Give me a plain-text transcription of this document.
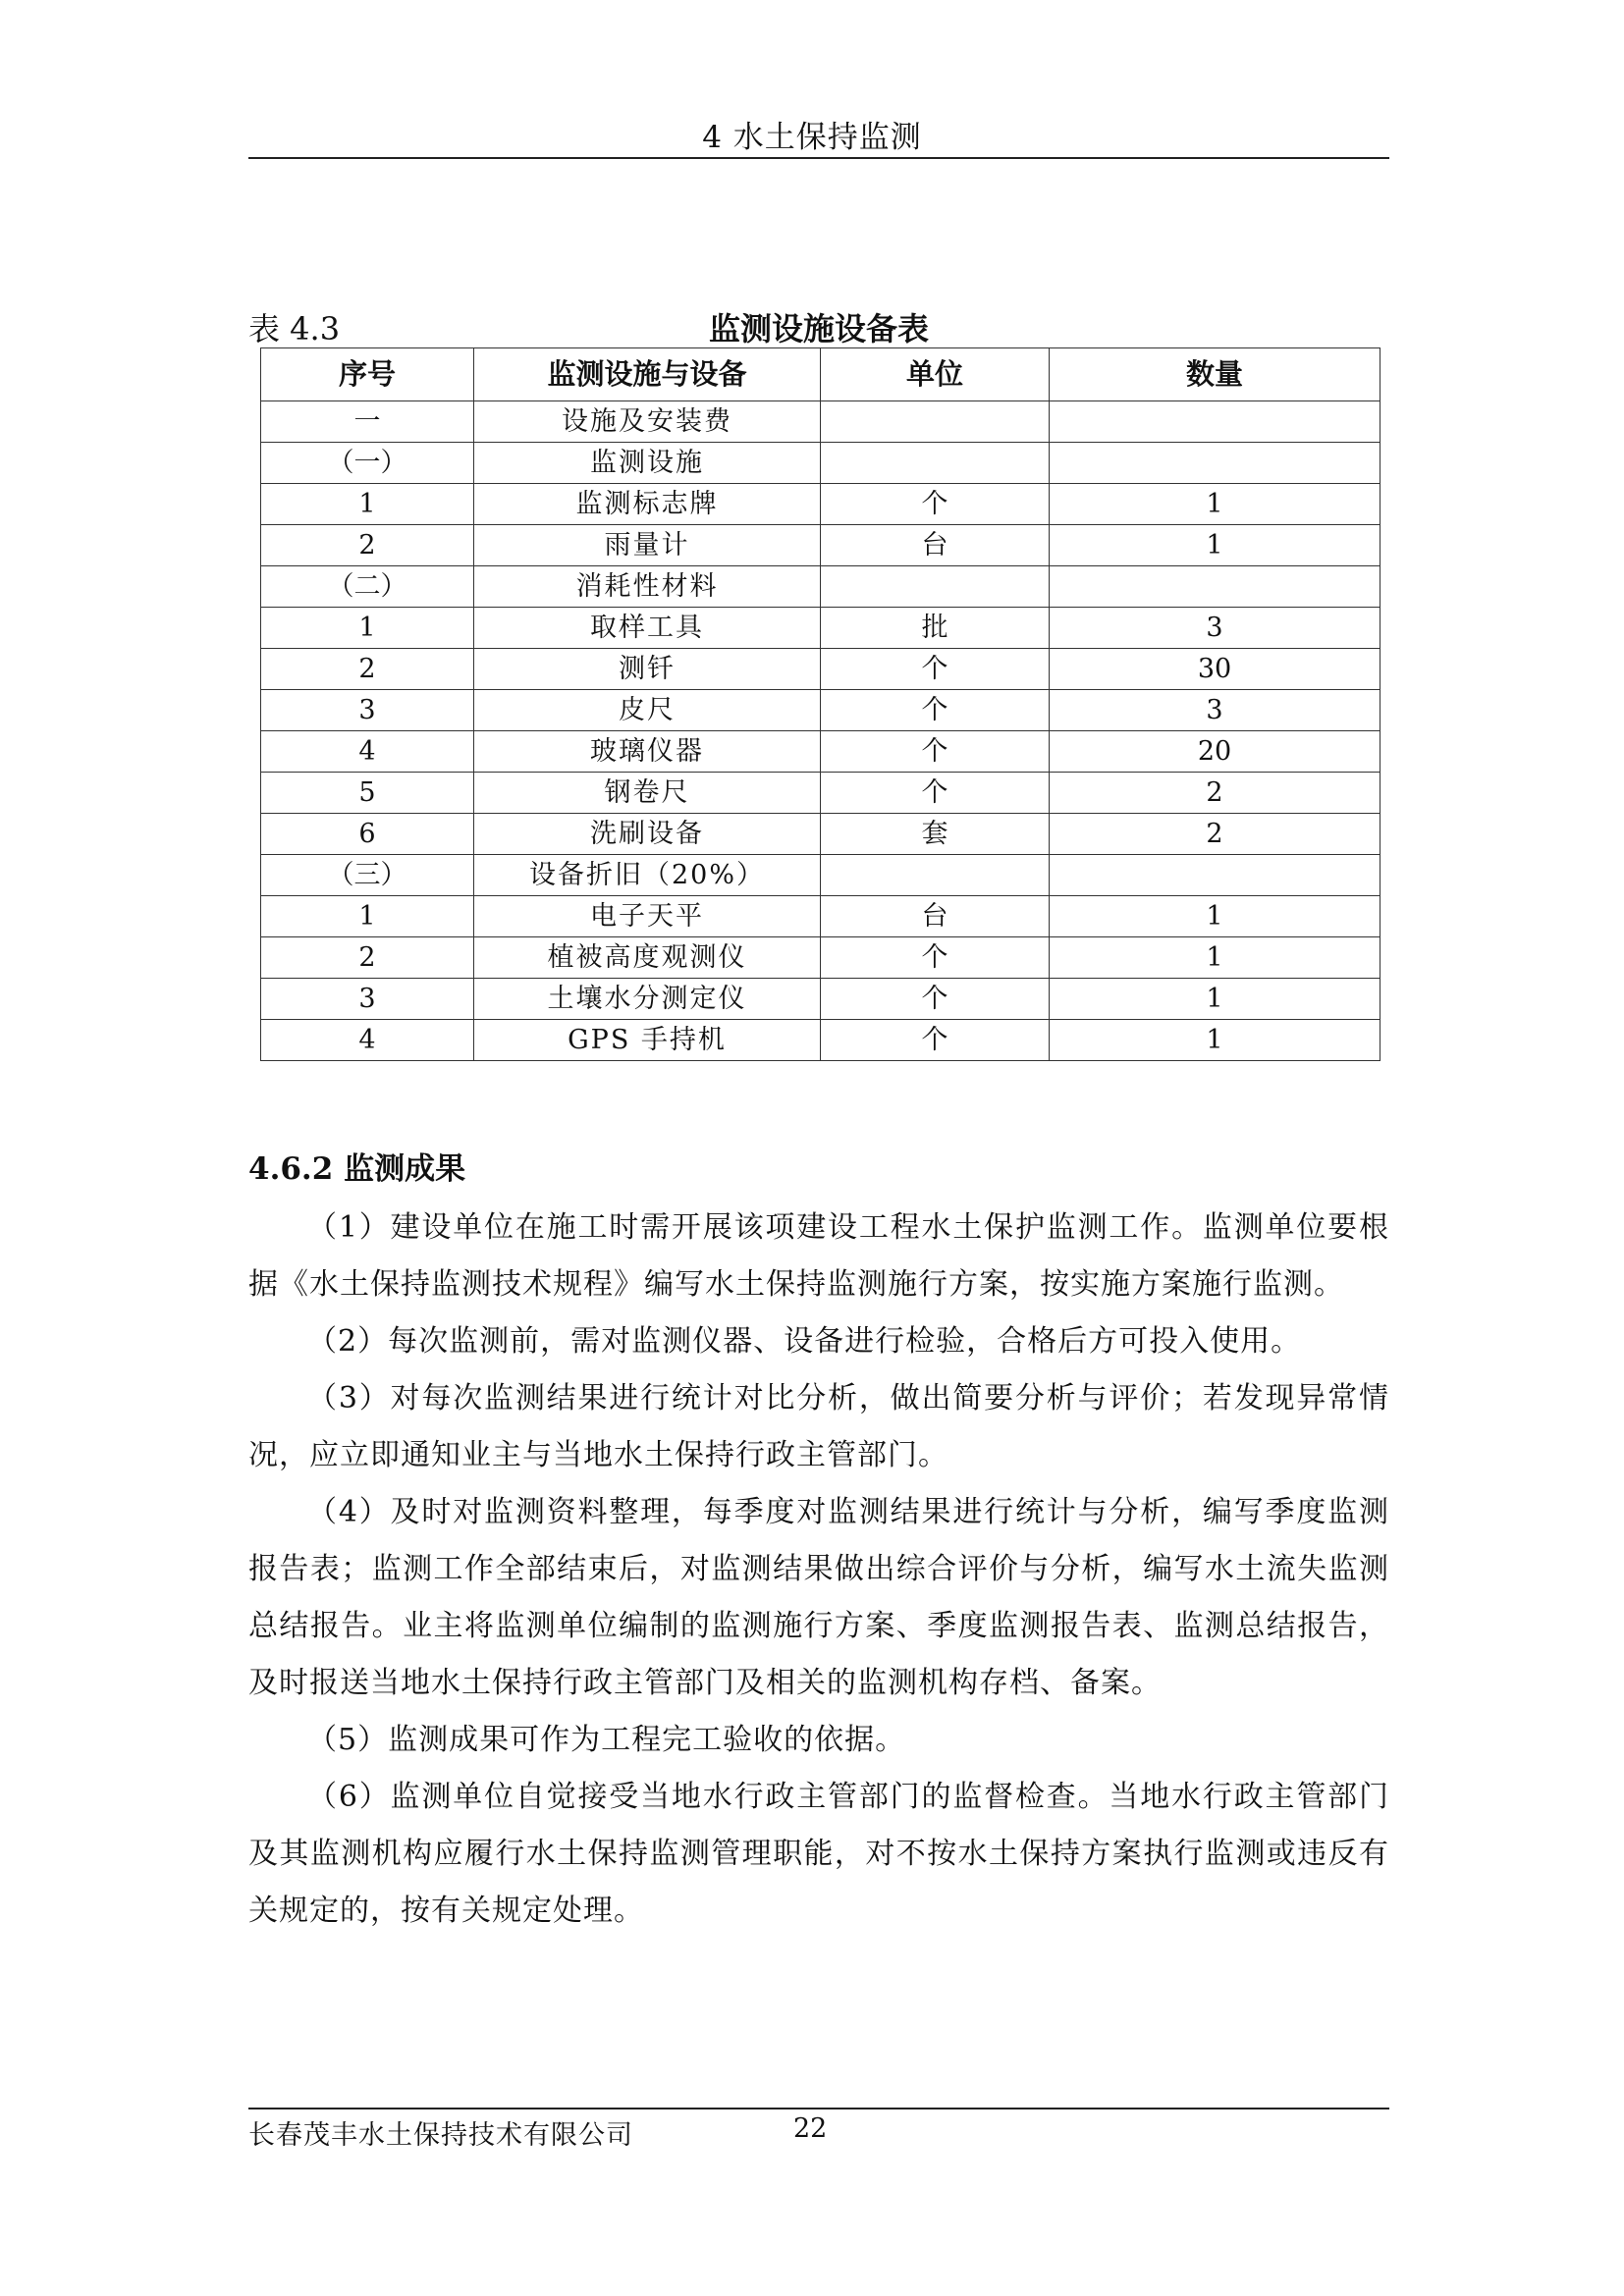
4 水土保持监测
监测设施设备表
表 4.3
序号	监测设施与设备	单位	数量
一	设施及安装费		
（一）	监测设施		
1	监测标志牌	个	1
2	雨量计	台	1
（二）	消耗性材料		
1	取样工具	批	3
2	测钎	个	30
3	皮尺	个	3
4	玻璃仪器	个	20
5	钢卷尺	个	2
6	洗刷设备	套	2
（三）	设备折旧（20%）		
1	电子天平	台	1
2	植被高度观测仪	个	1
3	土壤水分测定仪	个	1
4	GPS 手持机	个	1
4.6.2 监测成果

（1）建设单位在施工时需开展该项建设工程水土保护监测工作。监测单位要根据《水土保持监测技术规程》编写水土保持监测施行方案，按实施方案施行监测。

（2）每次监测前，需对监测仪器、设备进行检验，合格后方可投入使用。

（3）对每次监测结果进行统计对比分析，做出简要分析与评价；若发现异常情况，应立即通知业主与当地水土保持行政主管部门。

（4）及时对监测资料整理，每季度对监测结果进行统计与分析，编写季度监测报告表；监测工作全部结束后，对监测结果做出综合评价与分析，编写水土流失监测总结报告。业主将监测单位编制的监测施行方案、季度监测报告表、监测总结报告，及时报送当地水土保持行政主管部门及相关的监测机构存档、备案。

（5）监测成果可作为工程完工验收的依据。

（6）监测单位自觉接受当地水行政主管部门的监督检查。当地水行政主管部门及其监测机构应履行水土保持监测管理职能，对不按水土保持方案执行监测或违反有关规定的，按有关规定处理。

长春茂丰水土保持技术有限公司	22
